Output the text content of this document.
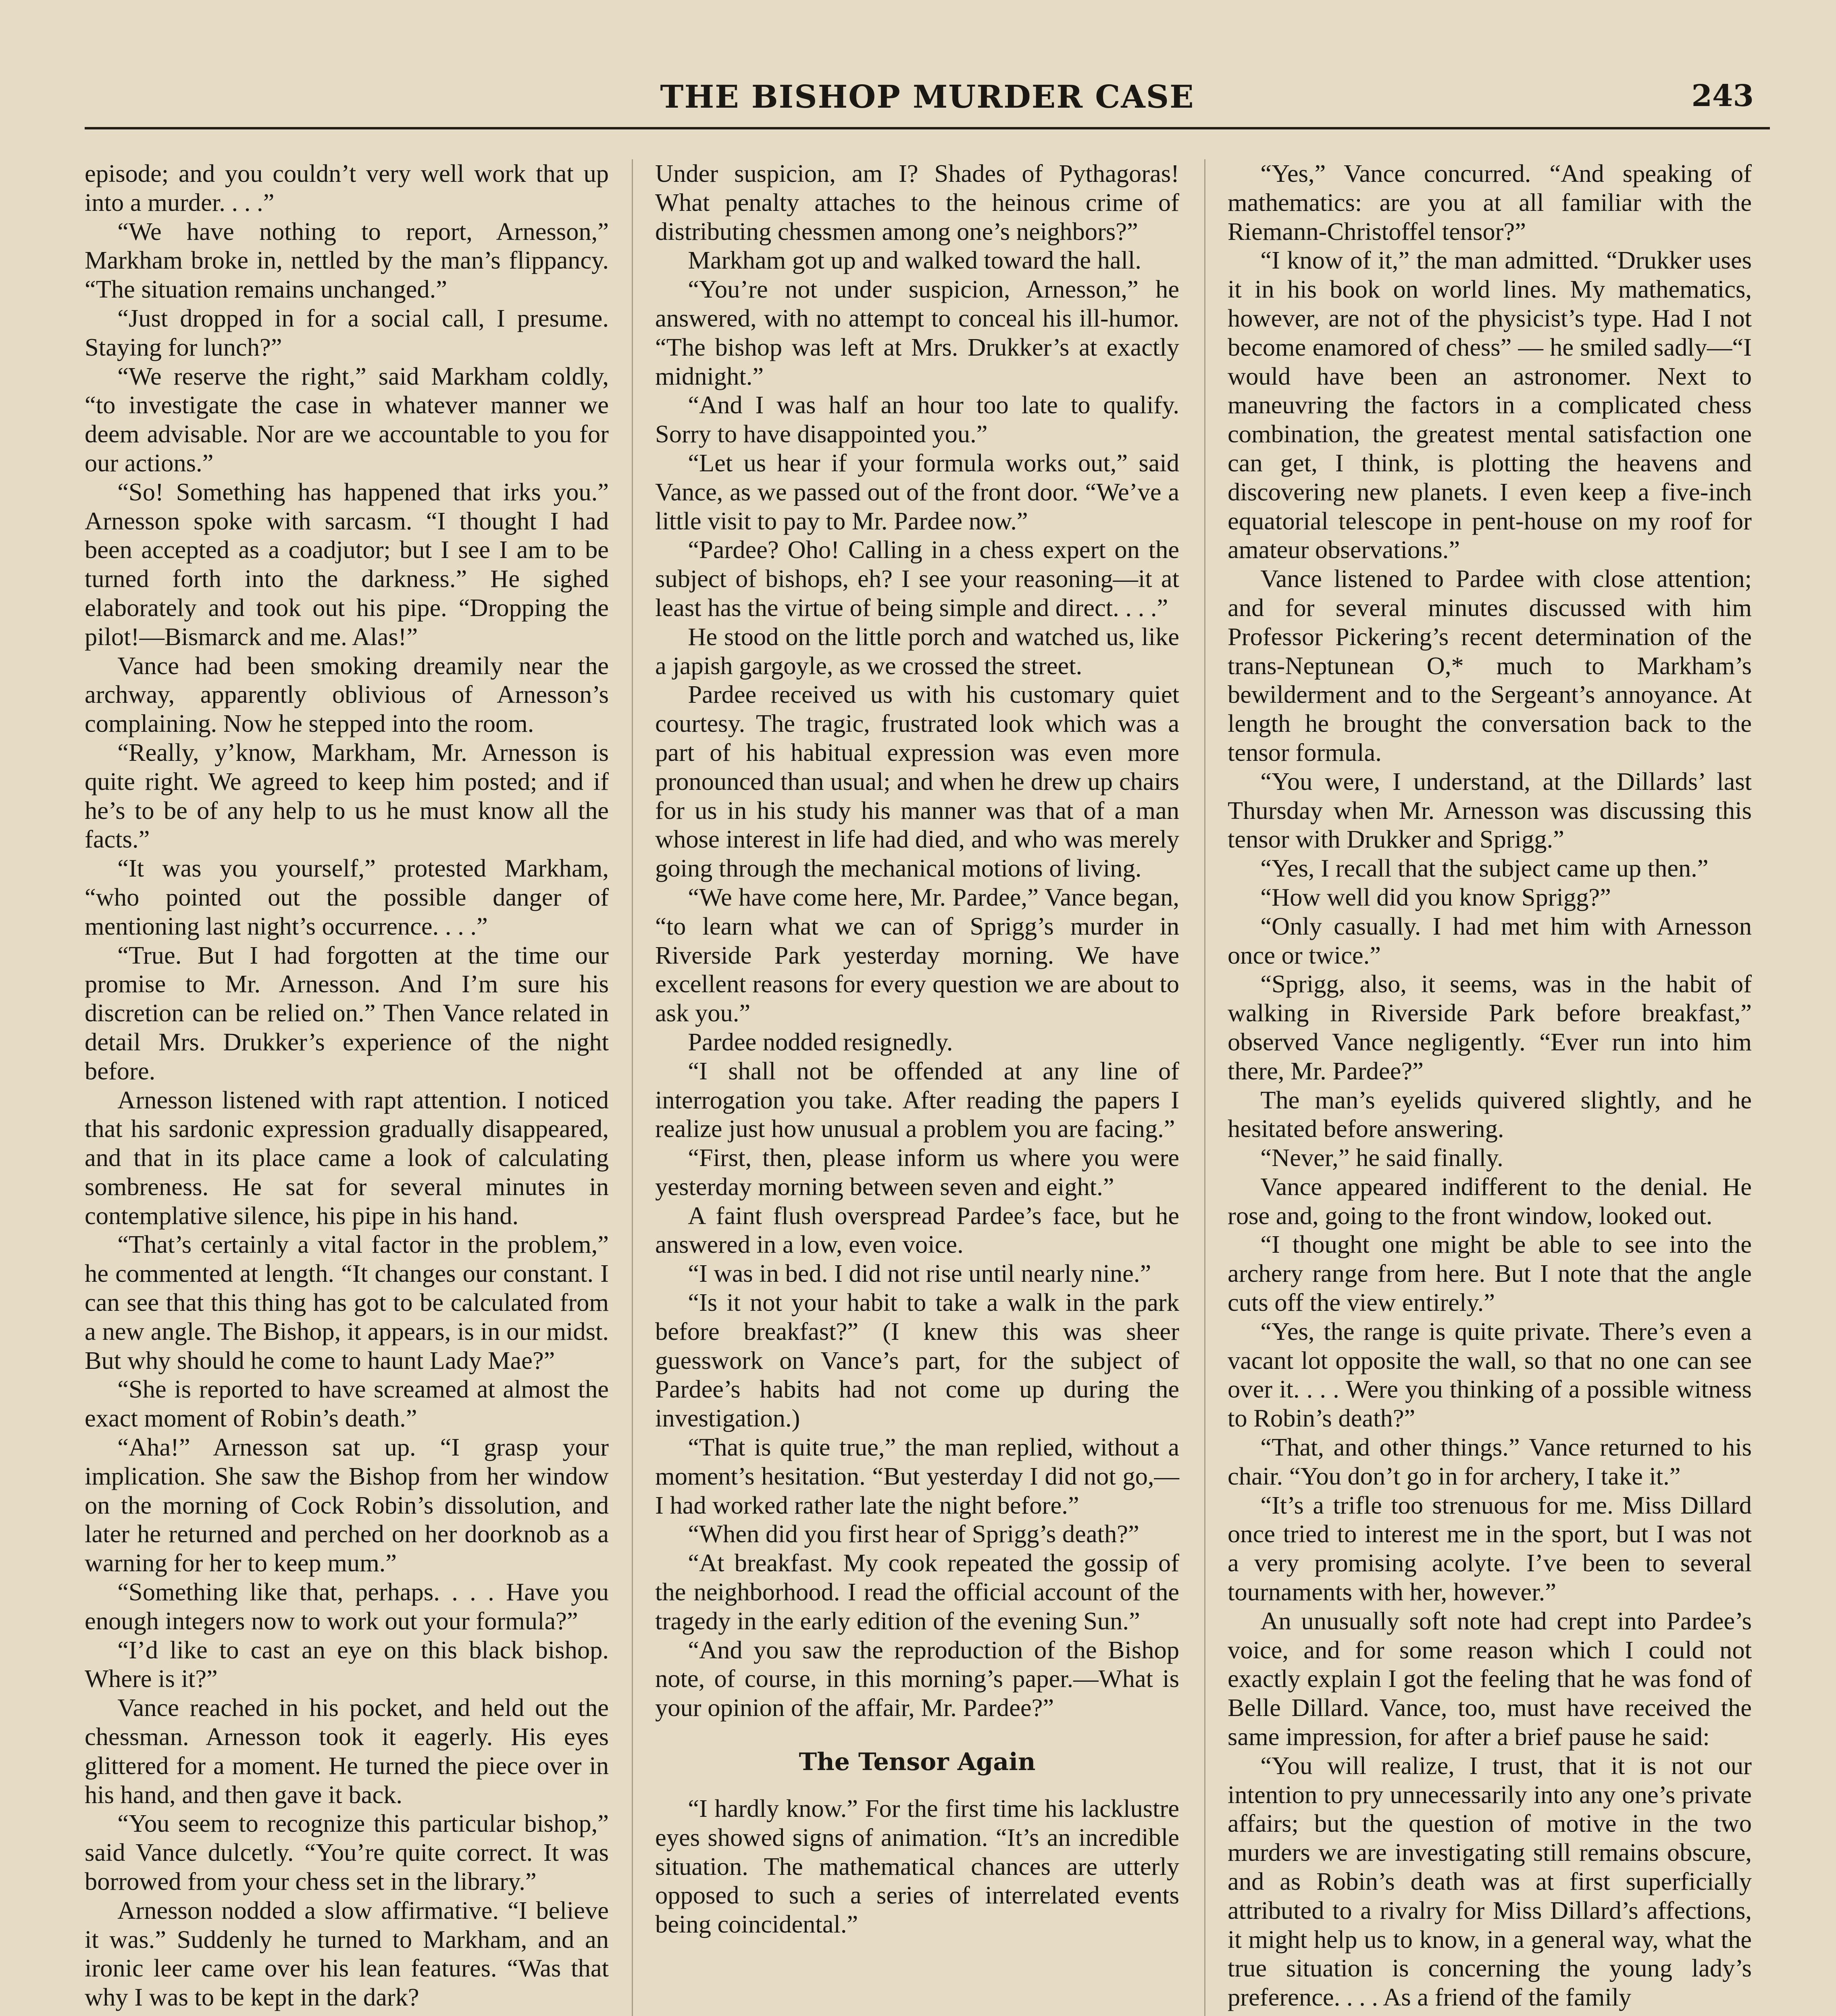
THE BISHOP MURDER CASE	243

episode; and you couldn’t very well work that up into a murder. . . .”

“We have nothing to report, Arnesson,” Markham broke in, nettled by the man’s flippancy. “The situation remains unchanged.”

“Just dropped in for a social call, I presume. Staying for lunch?”

“We reserve the right,” said Markham coldly, “to investigate the case in whatever manner we deem advisable. Nor are we accountable to you for our actions.”

“So! Something has happened that irks you.” Arnesson spoke with sarcasm. “I thought I had been accepted as a coadjutor; but I see I am to be turned forth into the darkness.” He sighed elaborately and took out his pipe. “Dropping the pilot!—Bismarck and me. Alas!”

Vance had been smoking dreamily near the archway, apparently oblivious of Arnesson’s complaining. Now he stepped into the room.

“Really, y’know, Markham, Mr. Arnesson is quite right. We agreed to keep him posted; and if he’s to be of any help to us he must know all the facts.”

“It was you yourself,” protested Markham, “who pointed out the possible danger of mentioning last night’s occurrence. . . .”

“True. But I had forgotten at the time our promise to Mr. Arnesson. And I’m sure his discretion can be relied on.” Then Vance related in detail Mrs. Drukker’s experience of the night before.

Arnesson listened with rapt attention. I noticed that his sardonic expression gradually disappeared, and that in its place came a look of calculating sombreness. He sat for several minutes in contemplative silence, his pipe in his hand.

“That’s certainly a vital factor in the problem,” he commented at length. “It changes our constant. I can see that this thing has got to be calculated from a new angle. The Bishop, it appears, is in our midst. But why should he come to haunt Lady Mae?”

“She is reported to have screamed at almost the exact moment of Robin’s death.”

“Aha!” Arnesson sat up. “I grasp your implication. She saw the Bishop from her window on the morning of Cock Robin’s dissolution, and later he returned and perched on her doorknob as a warning for her to keep mum.”

“Something like that, perhaps. . . . Have you enough integers now to work out your formula?”

“I’d like to cast an eye on this black bishop. Where is it?”

Vance reached in his pocket, and held out the chessman. Arnesson took it eagerly. His eyes glittered for a moment. He turned the piece over in his hand, and then gave it back.

“You seem to recognize this particular bishop,” said Vance dulcetly. “You’re quite correct. It was borrowed from your chess set in the library.”

Arnesson nodded a slow affirmative. “I believe it was.” Suddenly he turned to Markham, and an ironic leer came over his lean features. “Was that why I was to be kept in the dark?

Under suspicion, am I? Shades of Pythagoras! What penalty attaches to the heinous crime of distributing chessmen among one’s neighbors?”

Markham got up and walked toward the hall.

“You’re not under suspicion, Arnesson,” he answered, with no attempt to conceal his ill-humor. “The bishop was left at Mrs. Drukker’s at exactly midnight.”

“And I was half an hour too late to qualify. Sorry to have disappointed you.”

“Let us hear if your formula works out,” said Vance, as we passed out of the front door. “We’ve a little visit to pay to Mr. Pardee now.”

“Pardee? Oho! Calling in a chess expert on the subject of bishops, eh? I see your reasoning—it at least has the virtue of being simple and direct. . . .”

He stood on the little porch and watched us, like a japish gargoyle, as we crossed the street.

Pardee received us with his customary quiet courtesy. The tragic, frustrated look which was a part of his habitual expression was even more pronounced than usual; and when he drew up chairs for us in his study his manner was that of a man whose interest in life had died, and who was merely going through the mechanical motions of living.

“We have come here, Mr. Pardee,” Vance began, “to learn what we can of Sprigg’s murder in Riverside Park yesterday morning. We have excellent reasons for every question we are about to ask you.”

Pardee nodded resignedly.

“I shall not be offended at any line of interrogation you take. After reading the papers I realize just how unusual a problem you are facing.”

“First, then, please inform us where you were yesterday morning between seven and eight.”

A faint flush overspread Pardee’s face, but he answered in a low, even voice.

“I was in bed. I did not rise until nearly nine.”

“Is it not your habit to take a walk in the park before breakfast?” (I knew this was sheer guesswork on Vance’s part, for the subject of Pardee’s habits had not come up during the investigation.)

“That is quite true,” the man replied, without a moment’s hesitation. “But yesterday I did not go,—I had worked rather late the night before.”

“When did you first hear of Sprigg’s death?”

“At breakfast. My cook repeated the gossip of the neighborhood. I read the official account of the tragedy in the early edition of the evening Sun.”

“And you saw the reproduction of the Bishop note, of course, in this morning’s paper.—What is your opinion of the affair, Mr. Pardee?”

The Tensor Again

“I hardly know.” For the first time his lacklustre eyes showed signs of animation. “It’s an incredible situation. The mathematical chances are utterly opposed to such a series of interrelated events being coincidental.”

“Yes,” Vance concurred. “And speaking of mathematics: are you at all familiar with the Riemann-Christoffel tensor?”

“I know of it,” the man admitted. “Drukker uses it in his book on world lines. My mathematics, however, are not of the physicist’s type. Had I not become enamored of chess” — he smiled sadly—“I would have been an astronomer. Next to maneuvring the factors in a complicated chess combination, the greatest mental satisfaction one can get, I think, is plotting the heavens and discovering new planets. I even keep a five-inch equatorial telescope in pent-house on my roof for amateur observations.”

Vance listened to Pardee with close attention; and for several minutes discussed with him Professor Pickering’s recent determination of the trans-Neptunean O,* much to Markham’s bewilderment and to the Sergeant’s annoyance. At length he brought the conversation back to the tensor formula.

“You were, I understand, at the Dillards’ last Thursday when Mr. Arnesson was discussing this tensor with Drukker and Sprigg.”

“Yes, I recall that the subject came up then.”

“How well did you know Sprigg?”

“Only casually. I had met him with Arnesson once or twice.”

“Sprigg, also, it seems, was in the habit of walking in Riverside Park before breakfast,” observed Vance negligently. “Ever run into him there, Mr. Pardee?”

The man’s eyelids quivered slightly, and he hesitated before answering.

“Never,” he said finally.

Vance appeared indifferent to the denial. He rose and, going to the front window, looked out.

“I thought one might be able to see into the archery range from here. But I note that the angle cuts off the view entirely.”

“Yes, the range is quite private. There’s even a vacant lot opposite the wall, so that no one can see over it. . . . Were you thinking of a possible witness to Robin’s death?”

“That, and other things.” Vance returned to his chair. “You don’t go in for archery, I take it.”

“It’s a trifle too strenuous for me. Miss Dillard once tried to interest me in the sport, but I was not a very promising acolyte. I’ve been to several tournaments with her, however.”

An unusually soft note had crept into Pardee’s voice, and for some reason which I could not exactly explain I got the feeling that he was fond of Belle Dillard. Vance, too, must have received the same impression, for after a brief pause he said:

“You will realize, I trust, that it is not our intention to pry unnecessarily into any one’s private affairs; but the question of motive in the two murders we are investigating still remains obscure, and as Robin’s death was at first superficially attributed to a rivalry for Miss Dillard’s affections, it might help us to know, in a general way, what the true situation is concerning the young lady’s preference. . . . As a friend of the family
